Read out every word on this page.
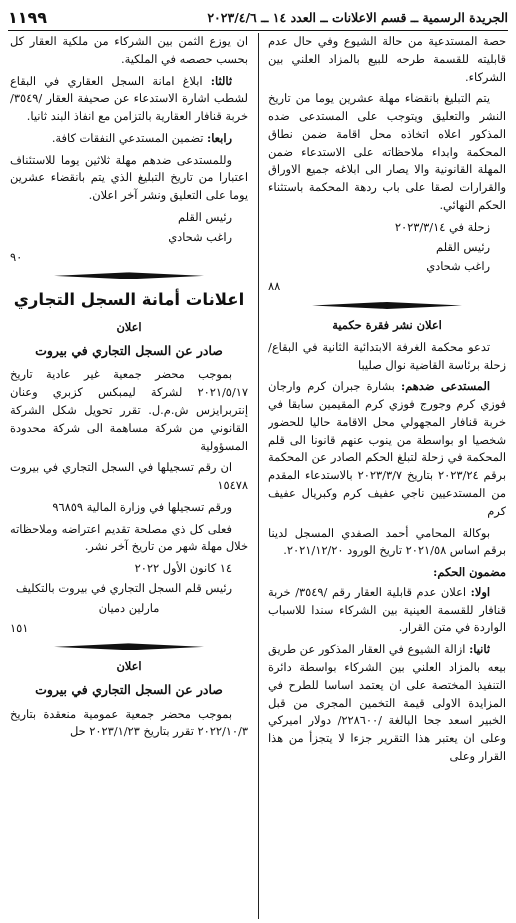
الجريدة الرسمية ــ قسم الاعلانات ــ العدد ١٤ ــ ٢٠٢٣/٤/٦
١١٩٩

حصة المستدعية من حالة الشيوع وفي حال عدم قابليته للقسمة طرحه للبيع بالمزاد العلني بين الشركاء.

يتم التبليغ بانقضاء مهلة عشرين يوما من تاريخ النشر والتعليق ويتوجب على المستدعى ضده المذكور اعلاه اتخاذه محل اقامة ضمن نطاق المحكمة وابداء ملاحظاته على الاستدعاء ضمن المهلة القانونية والا يصار الى ابلاغه جميع الاوراق والقرارات لصقا على باب ردهة المحكمة باستثناء الحكم النهائي.

زحلة في ٢٠٢٣/٣/١٤

رئيس القلم

راغب شحادي

٨٨

اعلان نشر فقرة حكمية

تدعو محكمة الغرفة الابتدائية الثانية في البقاع/ زحلة برئاسة القاضية نوال صليبا

المستدعى ضدهم: بشارة جبران كرم وارجان فوزي كرم وجورج فوزي كرم المقيمين سابقا في خربة قنافار المجهولي محل الاقامة حاليا للحضور شخصيا او بواسطة من ينوب عنهم قانونا الى قلم المحكمة في زحلة لتبلغ الحكم الصادر عن المحكمة برقم ٢٠٢٣/٢٤ بتاريخ ٢٠٢٣/٣/٧ بالاستدعاء المقدم من المستدعيين ناجي عفيف كرم وكبريال عفيف كرم

بوكالة المحامي أحمد الصفدي المسجل لدينا برقم اساس ٢٠٢١/٥٨ تاريخ الورود ٢٠٢١/١٢/٢٠.

مضمون الحكم:

اولا: اعلان عدم قابلية العقار رقم /٣٥٤٩/ خربة قنافار للقسمة العينية بين الشركاء سندا للاسباب الواردة في متن القرار.

ثانيا: ازالة الشيوع في العقار المذكور عن طريق بيعه بالمزاد العلني بين الشركاء بواسطة دائرة التنفيذ المختصة على ان يعتمد اساسا للطرح في المزايدة الاولى قيمة التخمين المجرى من قبل الخبير اسعد جحا البالغة /٢٢٨٦٠٠/ دولار اميركي وعلى ان يعتبر هذا التقرير جزءا لا يتجزأ من هذا القرار وعلى

ان يوزع الثمن بين الشركاء من ملكية العقار كل بحسب حصصه في الملكية.

ثالثا: ابلاغ امانة السجل العقاري في البقاع لشطب اشارة الاستدعاء عن صحيفة العقار /٣٥٤٩/ خربة قنافار العقارية بالتزامن مع انفاذ البند ثانيا.

رابعا: تضمين المستدعي النفقات كافة.

وللمستدعى ضدهم مهلة ثلاثين يوما للاستئناف اعتبارا من تاريخ التبليغ الذي يتم بانقضاء عشرين يوما على التعليق ونشر آخر اعلان.

رئيس القلم

راغب شحادي

٩٠

اعلانات أمانة السجل التجاري

اعلان

صادر عن السجل التجاري في بيروت

بموجب محضر جمعية غير عادية تاريخ ٢٠٢١/٥/١٧ لشركة ليمبكس كزبري وعنان إنتربرايزس ش.م.ل. تقرر تحويل شكل الشركة القانوني من شركة مساهمة الى شركة محدودة المسؤولية

ان رقم تسجيلها في السجل التجاري في بيروت ١٥٤٧٨

ورقم تسجيلها في وزارة المالية ٩٦٨٥٩

فعلى كل ذي مصلحة تقديم اعتراضه وملاحظاته خلال مهلة شهر من تاريخ آخر نشر.

١٤ كانون الأول ٢٠٢٢

رئيس قلم السجل التجاري في بيروت بالتكليف

مارلين دميان

١٥١

اعلان

صادر عن السجل التجاري في بيروت

بموجب محضر جمعية عمومية منعقدة بتاريخ ٢٠٢٢/١٠/٣ تقرر بتاريخ ٢٠٢٣/١/٢٣ حل
